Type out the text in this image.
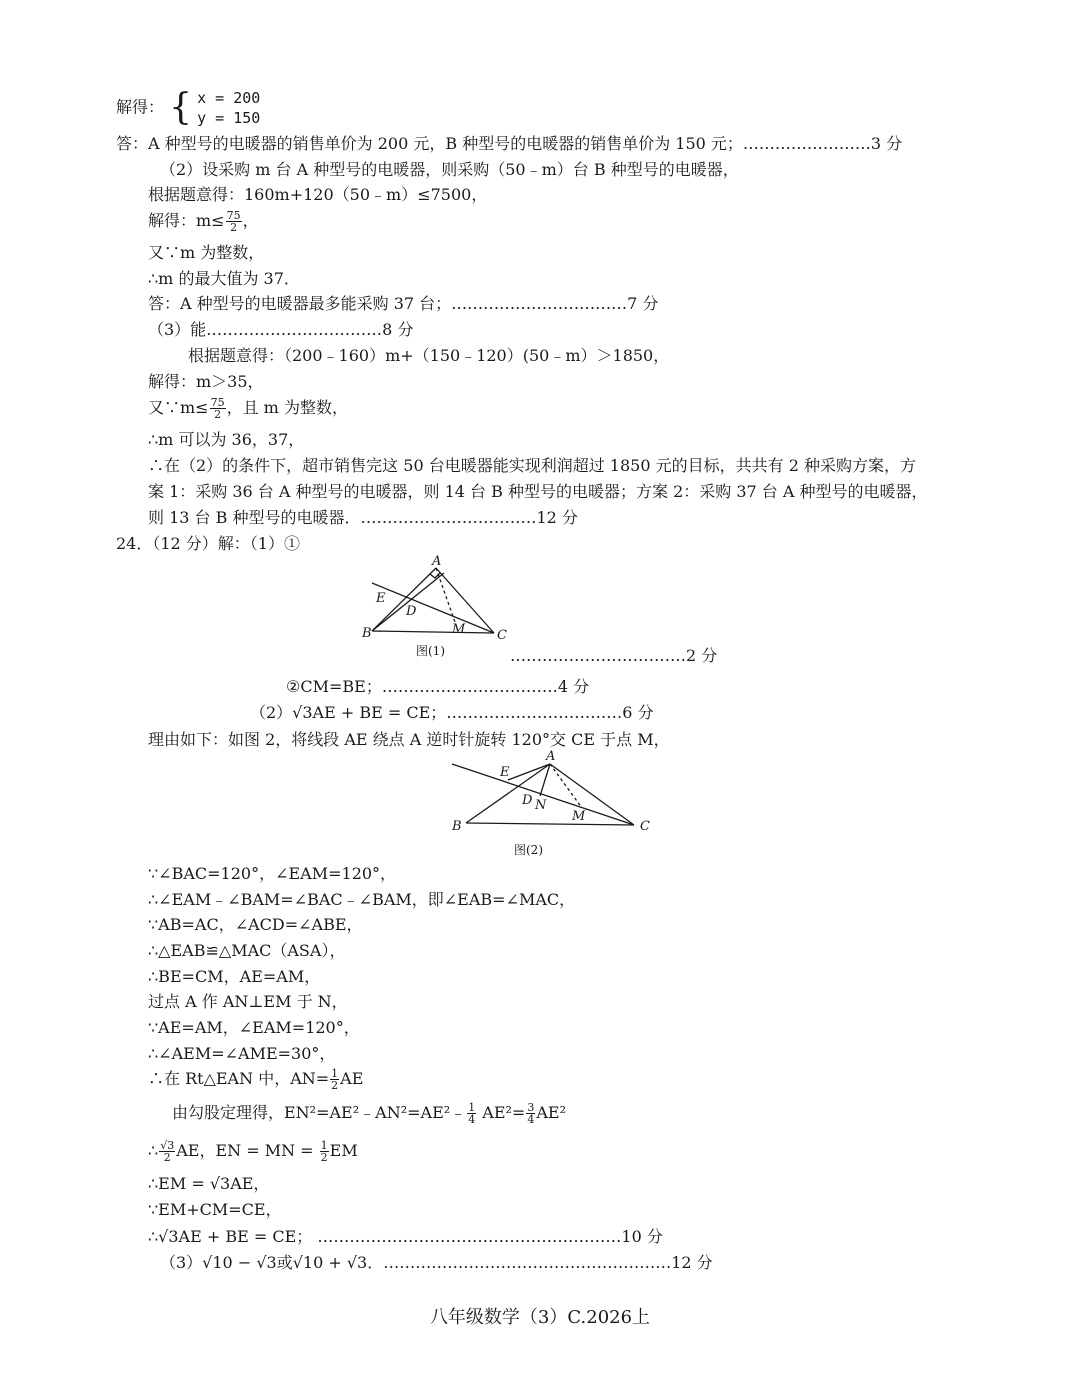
解得： { x = 200
y = 150
答：A 种型号的电暖器的销售单价为 200 元，B 种型号的电暖器的销售单价为 150 元；……………………3 分
（2）设采购 m 台 A 种型号的电暖器，则采购（50﹣m）台 B 种型号的电暖器，
根据题意得：160m+120（50﹣m）≤7500，
解得：$m\le \frac{75}{2}$ ，
又∵m 为整数，
∴m 的最大值为 37．
答：A 种型号的电暖器最多能采购 37 台；……………………………7 分
（3）能……………………………8 分
根据题意得：（200﹣160）m+（150﹣120）(50﹣m）＞1850，
解得：m＞35，
又∵m≤ $\frac{75}{2}$ ，且 m 为整数，
∴m 可以为 36，37，
∴在（2）的条件下，超市销售完这 50 台电暖器能实现利润超过 1850 元的目标，共共有 2 种采购方案，方
案 1：采购 36 台 A 种型号的电暖器，则 14 台 B 种型号的电暖器；方案 2：采购 37 台 A 种型号的电暖器，
则 13 台 B 种型号的电暖器．……………………………12 分
24．（12 分）解：（1）①
A
B	C
D
E
M
图(1)	……………………………2 分
②CM=BE；……………………………4 分
（2）√3AE + BE = CE；……………………………6 分
理由如下：如图 2，将线段 AE 绕点 A 逆时针旋转 120°交 CE 于点 M，
A
B	C
D
E
M
N
图(2)
∵∠BAC=120°，∠EAM=120°，
∴∠EAM﹣∠BAM=∠BAC﹣∠BAM，即∠EAB=∠MAC，
∵AB=AC，∠ACD=∠ABE，
∴△EAB≌△MAC（ASA），
∴BE=CM，AE=AM，
过点 A 作 AN⊥EM 于 N，
∵AE=AM，∠EAM=120°，
∴∠AEM=∠AME=30°，
∴在 Rt△EAN 中，$AN= \frac{1}{2}$ AE
由勾股定理得，EN²=AE²﹣AN²=AE²﹣ $\frac{1}{4} AE^2= \frac{3}{4} AE^2$
∴ $\frac{√3}{2}$ AE，EN = MN = $\frac{1}{2}$ EM
∴EM = √3AE，
∵EM+CM=CE，
∴√3AE + BE = CE； …………………………………………………10 分
（3）√10 − √3或√10 + √3．………………………………………………12 分
八年级数学（3）C.2026上
